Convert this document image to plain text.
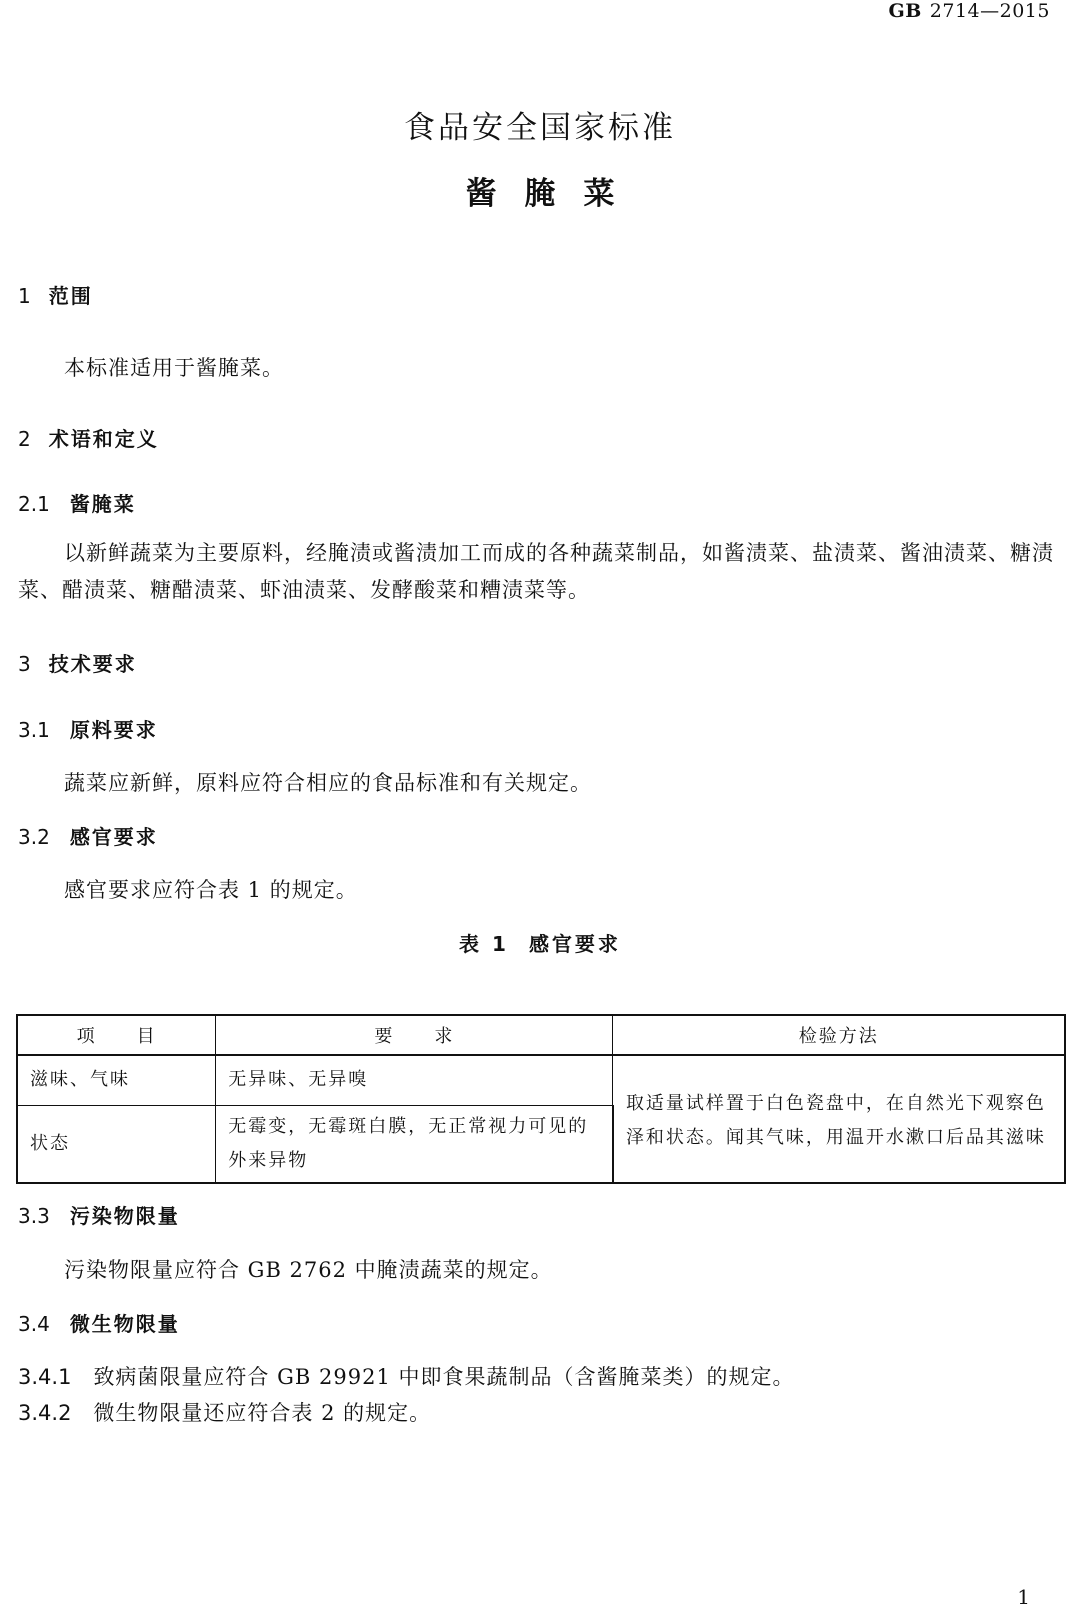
GB 2714—2015
食品安全国家标准
酱腌菜
1 范围
本标准适用于酱腌菜。
2 术语和定义
2.1 酱腌菜
以新鲜蔬菜为主要原料，经腌渍或酱渍加工而成的各种蔬菜制品，如酱渍菜、盐渍菜、酱油渍菜、糖渍菜、醋渍菜、糖醋渍菜、虾油渍菜、发酵酸菜和糟渍菜等。
3 技术要求
3.1 原料要求
蔬菜应新鲜，原料应符合相应的食品标准和有关规定。
3.2 感官要求
感官要求应符合表 1 的规定。
表 1 感官要求
项　　目	要　　求	检验方法
滋味、气味	无异味、无异嗅	取适量试样置于白色瓷盘中，在自然光下观察色泽和状态。闻其气味，用温开水漱口后品其滋味
状态	无霉变，无霉斑白膜，无正常视力可见的外来异物	
3.3 污染物限量
污染物限量应符合 GB 2762 中腌渍蔬菜的规定。
3.4 微生物限量
3.4.1 致病菌限量应符合 GB 29921 中即食果蔬制品（含酱腌菜类）的规定。
3.4.2 微生物限量还应符合表 2 的规定。
1
